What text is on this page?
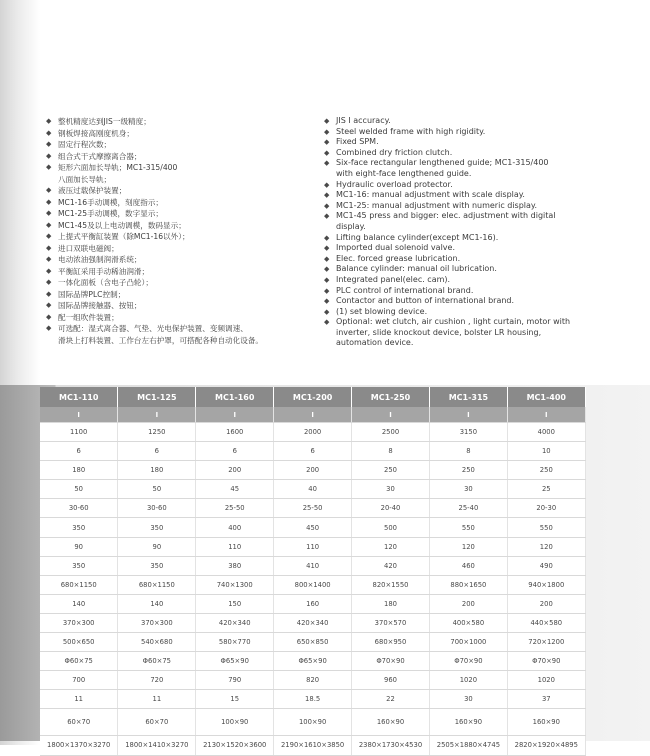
◆ 整机精度达到JIS一级精度；
◆ 钢板焊接高刚度机身；
◆ 固定行程次数；
◆ 组合式干式摩擦离合器；
◆ 矩形六面加长导轨；MC1-315/400
八面加长导轨；
◆ 液压过载保护装置；
◆ MC1-16手动调模，刻度指示；
◆ MC1-25手动调模，数字显示；
◆ MC1-45及以上电动调模，数码显示；
◆ 上提式平衡缸装置（除MC1-16以外）；
◆ 进口双联电磁阀；
◆ 电动浓油强制润滑系统；
◆ 平衡缸采用手动稀油润滑；
◆ 一体化面板（含电子凸轮）；
◆ 国际品牌PLC控制；
◆ 国际品牌接触器、按钮；
◆ 配一组吹件装置；
◆ 可选配：湿式离合器、气垫、光电保护装置、变频调速、
滑块上打料装置、工作台左右护罩，可搭配各种自动化设备。
◆ JIS Ⅰ accuracy.
◆ Steel welded frame with high rigidity.
◆ Fixed SPM.
◆ Combined dry friction clutch.
◆ Six-face rectangular lengthened guide; MC1-315/400
with eight-face lengthened guide.
◆ Hydraulic overload protector.
◆ MC1-16: manual adjustment with scale display.
◆ MC1-25: manual adjustment with numeric display.
◆ MC1-45 press and bigger: elec. adjustment with digital
display.
◆ Lifting balance cylinder(except MC1-16).
◆ Imported dual solenoid valve.
◆ Elec. forced grease lubrication.
◆ Balance cylinder: manual oil lubrication.
◆ Integrated panel(elec. cam).
◆ PLC control of international brand.
◆ Contactor and button of international brand.
◆ (1) set blowing device.
◆ Optional: wet clutch, air cushion , light curtain, motor with
inverter, slide knockout device, bolster LR housing,
automation device.
MC1-110	MC1-125	MC1-160	MC1-200	MC1-250	MC1-315	MC1-400
I	I	I	I	I	I	I
1100	1250	1600	2000	2500	3150	4000
6	6	6	6	8	8	10
180	180	200	200	250	250	250
50	50	45	40	30	30	25
30-60	30-60	25-50	25-50	20-40	25-40	20-30
350	350	400	450	500	550	550
90	90	110	110	120	120	120
350	350	380	410	420	460	490
680×1150	680×1150	740×1300	800×1400	820×1550	880×1650	940×1800
140	140	150	160	180	200	200
370×300	370×300	420×340	420×340	370×570	400×580	440×580
500×650	540×680	580×770	650×850	680×950	700×1000	720×1200
Φ60×75	Φ60×75	Φ65×90	Φ65×90	Φ70×90	Φ70×90	Φ70×90
700	720	790	820	960	1020	1020
11	11	15	18.5	22	30	37
60×70	60×70	100×90	100×90	160×90	160×90	160×90
1800×1370×3270	1800×1410×3270	2130×1520×3600	2190×1610×3850	2380×1730×4530	2505×1880×4745	2820×1920×4895
